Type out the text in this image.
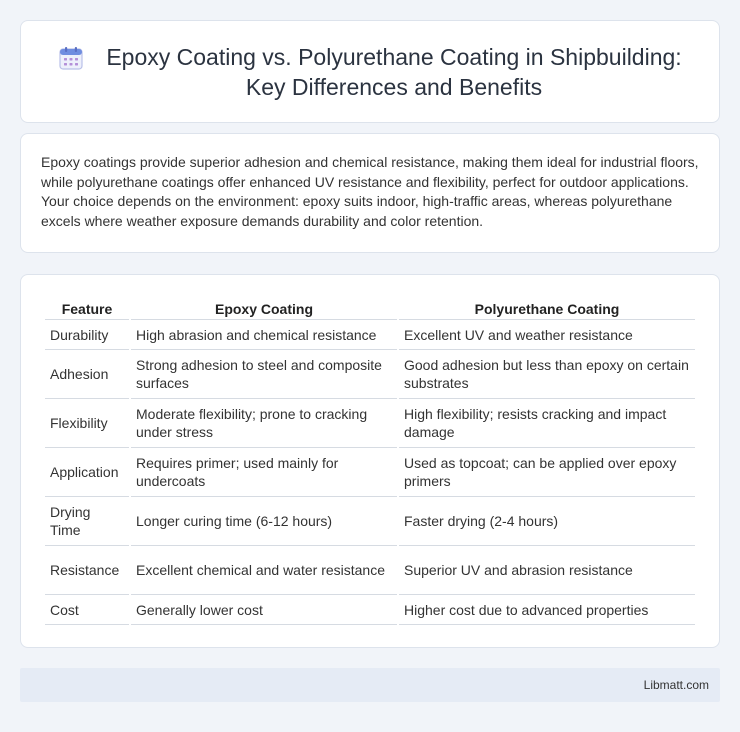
Epoxy Coating vs. Polyurethane Coating in Shipbuilding:
Key Differences and Benefits

Epoxy coatings provide superior adhesion and chemical resistance, making them ideal for industrial floors, while polyurethane coatings offer enhanced UV resistance and flexibility, perfect for outdoor applications. Your choice depends on the environment: epoxy suits indoor, high-traffic areas, whereas polyurethane excels where weather exposure demands durability and color retention.

Feature	Epoxy Coating	Polyurethane Coating
Durability	High abrasion and chemical resistance	Excellent UV and weather resistance
Adhesion	Strong adhesion to steel and composite surfaces	Good adhesion but less than epoxy on certain substrates
Flexibility	Moderate flexibility; prone to cracking under stress	High flexibility; resists cracking and impact damage
Application	Requires primer; used mainly for undercoats	Used as topcoat; can be applied over epoxy primers
Drying Time	Longer curing time (6-12 hours)	Faster drying (2-4 hours)
Resistance	Excellent chemical and water resistance	Superior UV and abrasion resistance
Cost	Generally lower cost	Higher cost due to advanced properties
Libmatt.com
